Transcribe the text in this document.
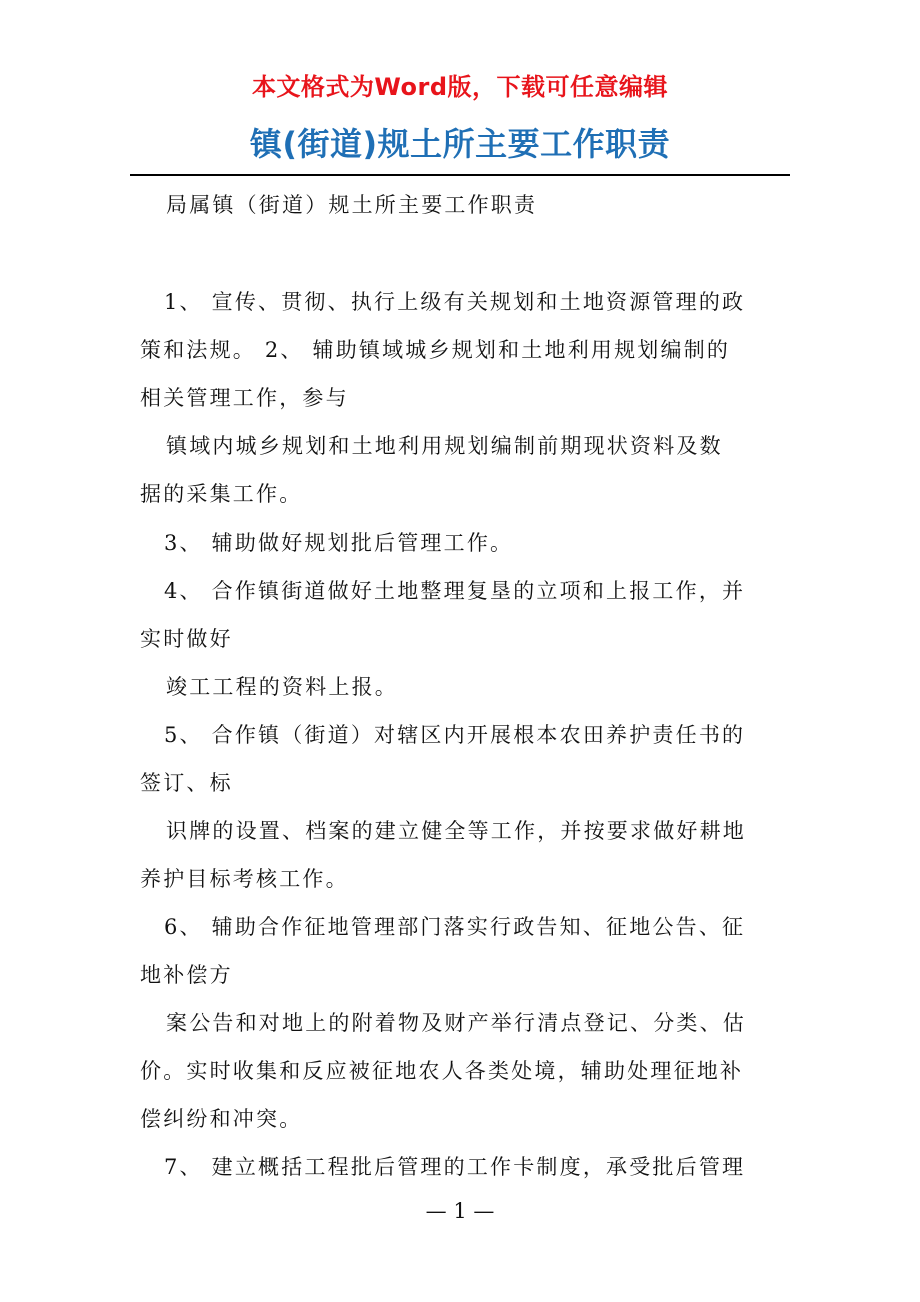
本文格式为Word版，下载可任意编辑
镇(街道)规土所主要工作职责
局属镇（街道）规土所主要工作职责
1、 宣传、贯彻、执行上级有关规划和土地资源管理的政
策和法规。 2、 辅助镇域城乡规划和土地利用规划编制的
相关管理工作，参与
镇域内城乡规划和土地利用规划编制前期现状资料及数
据的采集工作。
3、 辅助做好规划批后管理工作。
4、 合作镇街道做好土地整理复垦的立项和上报工作，并
实时做好
竣工工程的资料上报。
5、 合作镇（街道）对辖区内开展根本农田养护责任书的
签订、标
识牌的设置、档案的建立健全等工作，并按要求做好耕地
养护目标考核工作。
6、 辅助合作征地管理部门落实行政告知、征地公告、征
地补偿方
案公告和对地上的附着物及财产举行清点登记、分类、估
价。实时收集和反应被征地农人各类处境，辅助处理征地补
偿纠纷和冲突。
7、 建立概括工程批后管理的工作卡制度，承受批后管理
— 1 —
